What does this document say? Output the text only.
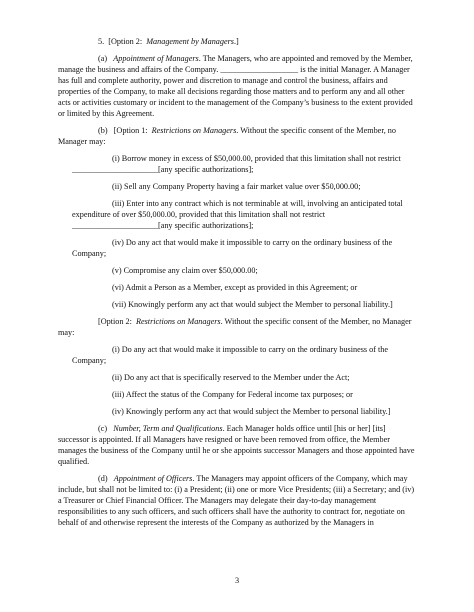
5.  [Option 2:  Management by Managers.]

(a)   Appointment of Managers. The Managers, who are appointed and removed by the Member, manage the business and affairs of the Company. ___________________ is the initial Manager. A Manager has full and complete authority, power and discretion to manage and control the business, affairs and properties of the Company, to make all decisions regarding those matters and to perform any and all other acts or activities customary or incident to the management of the Company’s business to the extent provided or limited by this Agreement.

(b)   [Option 1:  Restrictions on Managers. Without the specific consent of the Member, no Manager may:

(i) Borrow money in excess of $50,000.00, provided that this limitation shall not restrict _____________________[any specific authorizations];

(ii) Sell any Company Property having a fair market value over $50,000.00;

(iii) Enter into any contract which is not terminable at will, involving an anticipated total expenditure of over $50,000.00, provided that this limitation shall not restrict _____________________[any specific authorizations];

(iv) Do any act that would make it impossible to carry on the ordinary business of the Company;

(v) Compromise any claim over $50,000.00;

(vi) Admit a Person as a Member, except as provided in this Agreement; or

(vii) Knowingly perform any act that would subject the Member to personal liability.]

[Option 2:  Restrictions on Managers. Without the specific consent of the Member, no Manager may:

(i) Do any act that would make it impossible to carry on the ordinary business of the Company;

(ii) Do any act that is specifically reserved to the Member under the Act;

(iii) Affect the status of the Company for Federal income tax purposes; or

(iv) Knowingly perform any act that would subject the Member to personal liability.]

(c)   Number, Term and Qualifications. Each Manager holds office until [his or her] [its] successor is appointed. If all Managers have resigned or have been removed from office, the Member manages the business of the Company until he or she appoints successor Managers and those appointed have qualified.

(d)   Appointment of Officers. The Managers may appoint officers of the Company, which may include, but shall not be limited to: (i) a President; (ii) one or more Vice Presidents; (iii) a Secretary; and (iv) a Treasurer or Chief Financial Officer. The Managers may delegate their day-to-day management responsibilities to any such officers, and such officers shall have the authority to contract for, negotiate on behalf of and otherwise represent the interests of the Company as authorized by the Managers in

3
